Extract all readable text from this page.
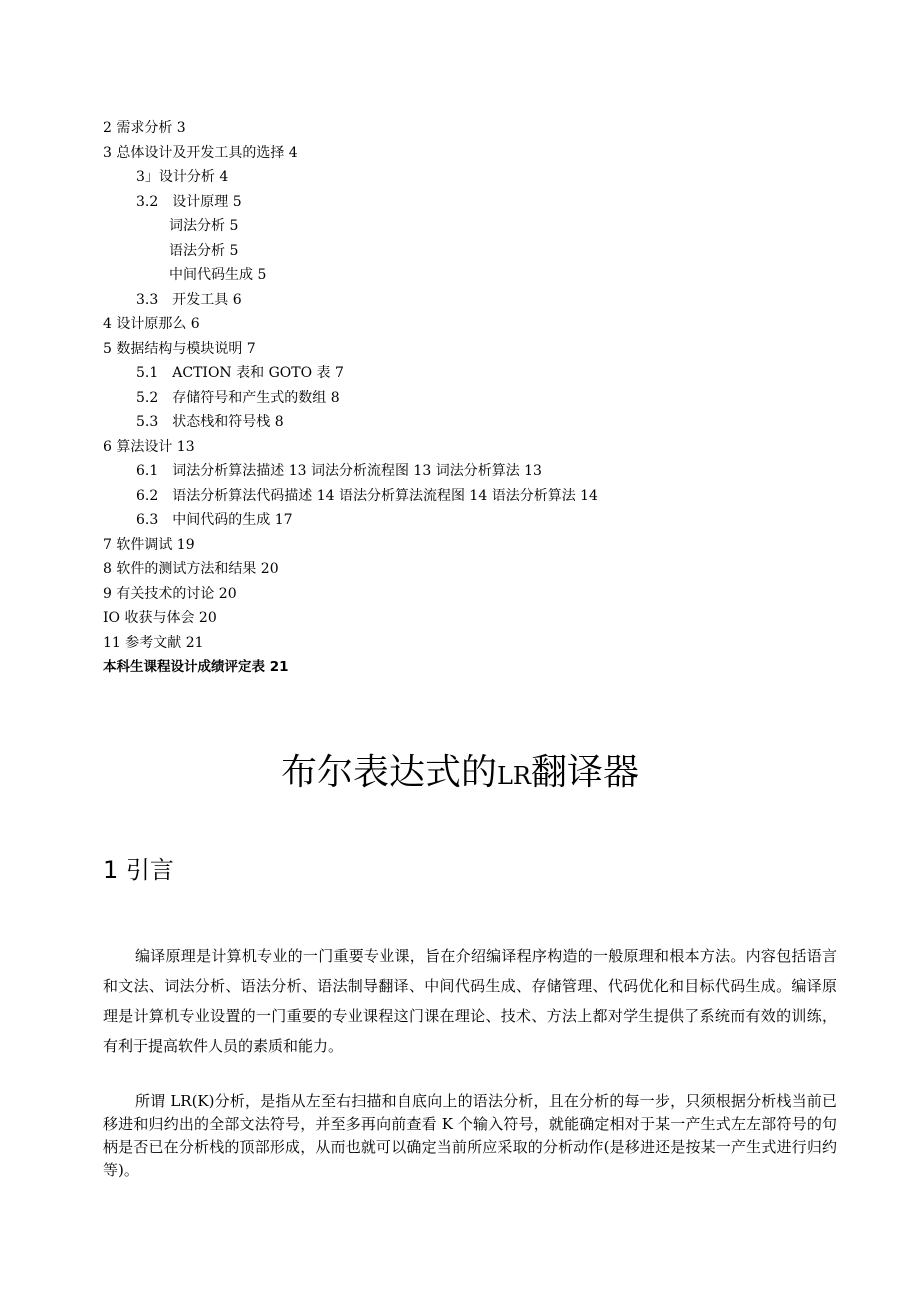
2 需求分析 3
3 总体设计及开发工具的选择 4
3」设计分析 4
3.2　设计原理 5
词法分析 5
语法分析 5
中间代码生成 5
3.3　开发工具 6
4 设计原那么 6
5 数据结构与模块说明 7
5.1　ACTION 表和 GOTO 表 7
5.2　存储符号和产生式的数组 8
5.3　状态栈和符号栈 8
6 算法设计 13
6.1　词法分析算法描述 13 词法分析流程图 13 词法分析算法 13
6.2　语法分析算法代码描述 14 语法分析算法流程图 14 语法分析算法 14
6.3　中间代码的生成 17
7 软件调试 19
8 软件的测试方法和结果 20
9 有关技术的讨论 20
IO 收获与体会 20
11 参考文献 21
本科生课程设计成绩评定表 21
布尔表达式的LR翻译器
1 引言

编译原理是计算机专业的一门重要专业课，旨在介绍编译程序构造的一般原理和根本方法。内容包括语言和文法、词法分析、语法分析、语法制导翻译、中间代码生成、存储管理、代码优化和目标代码生成。编译原理是计算机专业设置的一门重要的专业课程这门课在理论、技术、方法上都对学生提供了系统而有效的训练，有利于提高软件人员的素质和能力。

所谓 LR(K)分析，是指从左至右扫描和自底向上的语法分析，且在分析的每一步，只须根据分析栈当前已移进和归约出的全部文法符号，并至多再向前查看 K 个输入符号，就能确定相对于某一产生式左左部符号的句柄是否已在分析栈的顶部形成，从而也就可以确定当前所应采取的分析动作(是移进还是按某一产生式进行归约等)。
